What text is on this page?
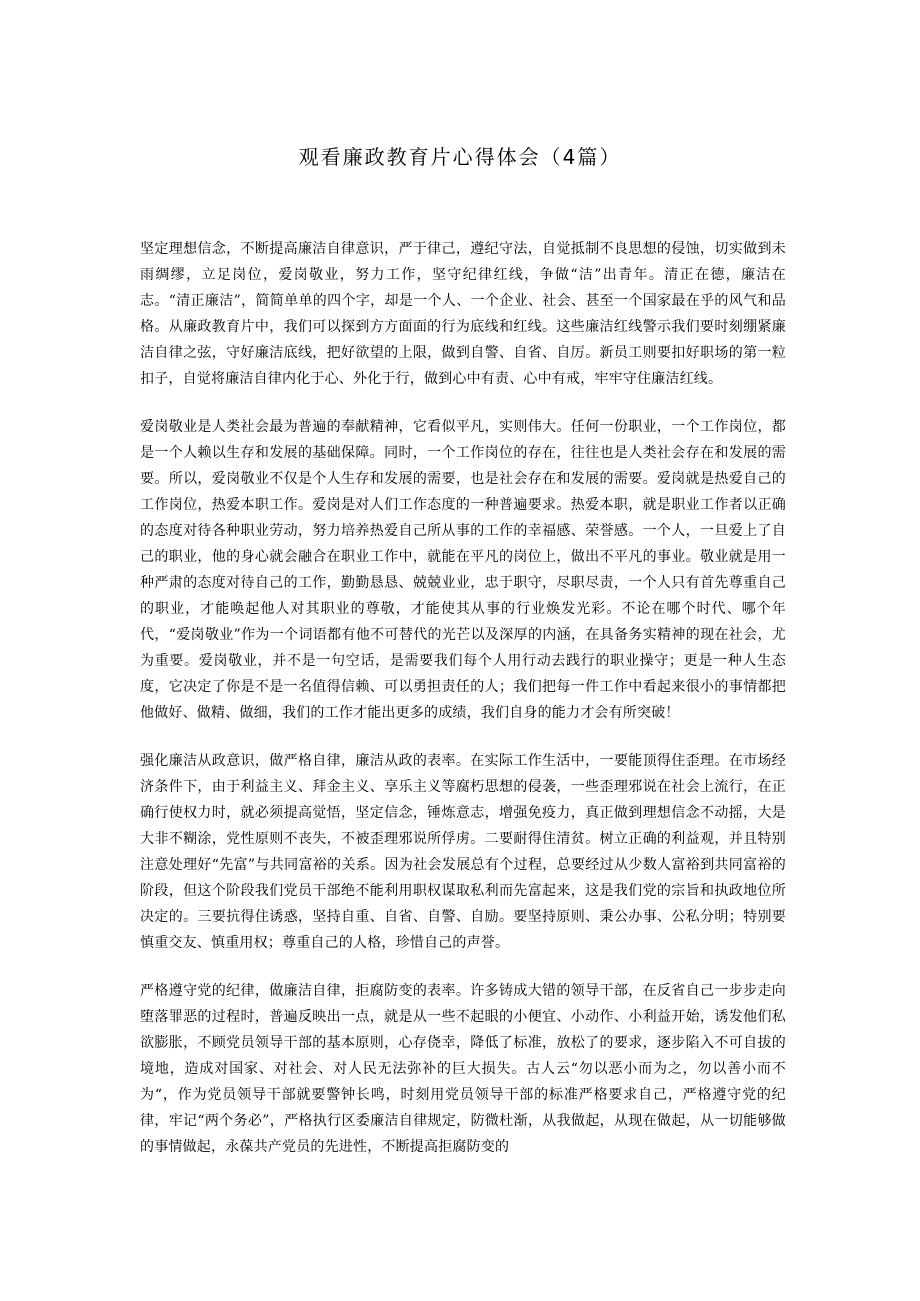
观看廉政教育片心得体会（4篇）

坚定理想信念，不断提高廉洁自律意识，严于律己，遵纪守法，自觉抵制不良思想的侵蚀，切实做到未雨绸缪，立足岗位，爱岗敬业，努力工作，坚守纪律红线，争做“洁”出青年。清正在德，廉洁在志。“清正廉洁”，简简单单的四个字，却是一个人、一个企业、社会、甚至一个国家最在乎的风气和品格。从廉政教育片中，我们可以探到方方面面的行为底线和红线。这些廉洁红线警示我们要时刻绷紧廉洁自律之弦，守好廉洁底线，把好欲望的上限，做到自警、自省、自厉。新员工则要扣好职场的第一粒扣子，自觉将廉洁自律内化于心、外化于行，做到心中有责、心中有戒，牢牢守住廉洁红线。

爱岗敬业是人类社会最为普遍的奉献精神，它看似平凡，实则伟大。任何一份职业，一个工作岗位，都是一个人赖以生存和发展的基础保障。同时，一个工作岗位的存在，往往也是人类社会存在和发展的需要。所以，爱岗敬业不仅是个人生存和发展的需要，也是社会存在和发展的需要。爱岗就是热爱自己的工作岗位，热爱本职工作。爱岗是对人们工作态度的一种普遍要求。热爱本职，就是职业工作者以正确的态度对待各种职业劳动，努力培养热爱自己所从事的工作的幸福感、荣誉感。一个人，一旦爱上了自己的职业，他的身心就会融合在职业工作中，就能在平凡的岗位上，做出不平凡的事业。敬业就是用一种严肃的态度对待自己的工作，勤勤恳恳、兢兢业业，忠于职守，尽职尽责，一个人只有首先尊重自己的职业，才能唤起他人对其职业的尊敬，才能使其从事的行业焕发光彩。不论在哪个时代、哪个年代，“爱岗敬业”作为一个词语都有他不可替代的光芒以及深厚的内涵，在具备务实精神的现在社会，尤为重要。爱岗敬业，并不是一句空话，是需要我们每个人用行动去践行的职业操守；更是一种人生态度，它决定了你是不是一名值得信赖、可以勇担责任的人；我们把每一件工作中看起来很小的事情都把他做好、做精、做细，我们的工作才能出更多的成绩，我们自身的能力才会有所突破！

强化廉洁从政意识，做严格自律，廉洁从政的表率。在实际工作生活中，一要能顶得住歪理。在市场经济条件下，由于利益主义、拜金主义、享乐主义等腐朽思想的侵袭，一些歪理邪说在社会上流行，在正确行使权力时，就必须提高觉悟，坚定信念，锤炼意志，增强免疫力，真正做到理想信念不动摇，大是大非不糊涂，党性原则不丧失，不被歪理邪说所俘虏。二要耐得住清贫。树立正确的利益观，并且特别注意处理好“先富”与共同富裕的关系。因为社会发展总有个过程，总要经过从少数人富裕到共同富裕的阶段，但这个阶段我们党员干部绝不能利用职权谋取私利而先富起来，这是我们党的宗旨和执政地位所决定的。三要抗得住诱惑，坚持自重、自省、自警、自励。要坚持原则、秉公办事、公私分明；特别要慎重交友、慎重用权；尊重自己的人格，珍惜自己的声誉。

严格遵守党的纪律，做廉洁自律，拒腐防变的表率。许多铸成大错的领导干部，在反省自己一步步走向堕落罪恶的过程时，普遍反映出一点，就是从一些不起眼的小便宜、小动作、小利益开始，诱发他们私欲膨胀，不顾党员领导干部的基本原则，心存侥幸，降低了标准，放松了的要求，逐步陷入不可自拔的境地，造成对国家、对社会、对人民无法弥补的巨大损失。古人云“勿以恶小而为之，勿以善小而不为“，作为党员领导干部就要警钟长鸣，时刻用党员领导干部的标准严格要求自己，严格遵守党的纪律，牢记“两个务必”，严格执行区委廉洁自律规定，防微杜渐，从我做起，从现在做起，从一切能够做的事情做起，永葆共产党员的先进性，不断提高拒腐防变的
